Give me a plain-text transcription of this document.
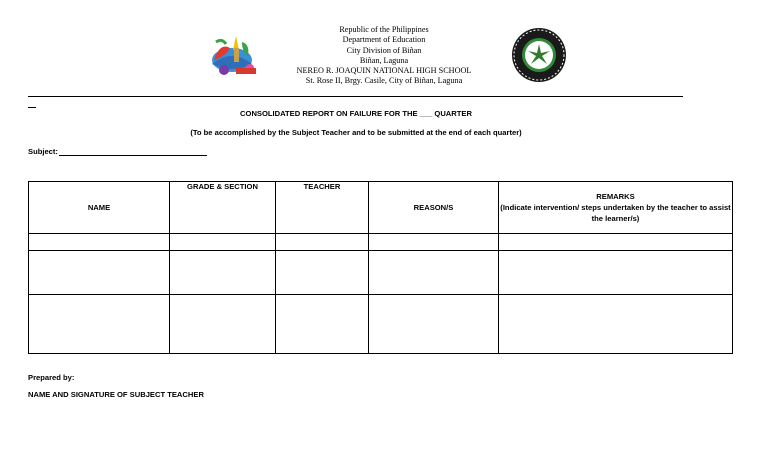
Republic of the Philippines
Department of Education
City Division of Biñan
Biñan, Laguna
NEREO R. JOAQUIN NATIONAL HIGH SCHOOL
St. Rose II, Brgy. Casile, City of Biñan, Laguna
CONSOLIDATED REPORT ON FAILURE FOR THE ___ QUARTER
(To be accomplished by the Subject Teacher and to be submitted at the end of each quarter)
Subject:
NAME	GRADE & SECTION	TEACHER	REASON/S	REMARKS
(Indicate intervention/ steps undertaken by the teacher to assist the learner/s)

Prepared by:
NAME AND SIGNATURE OF SUBJECT TEACHER
